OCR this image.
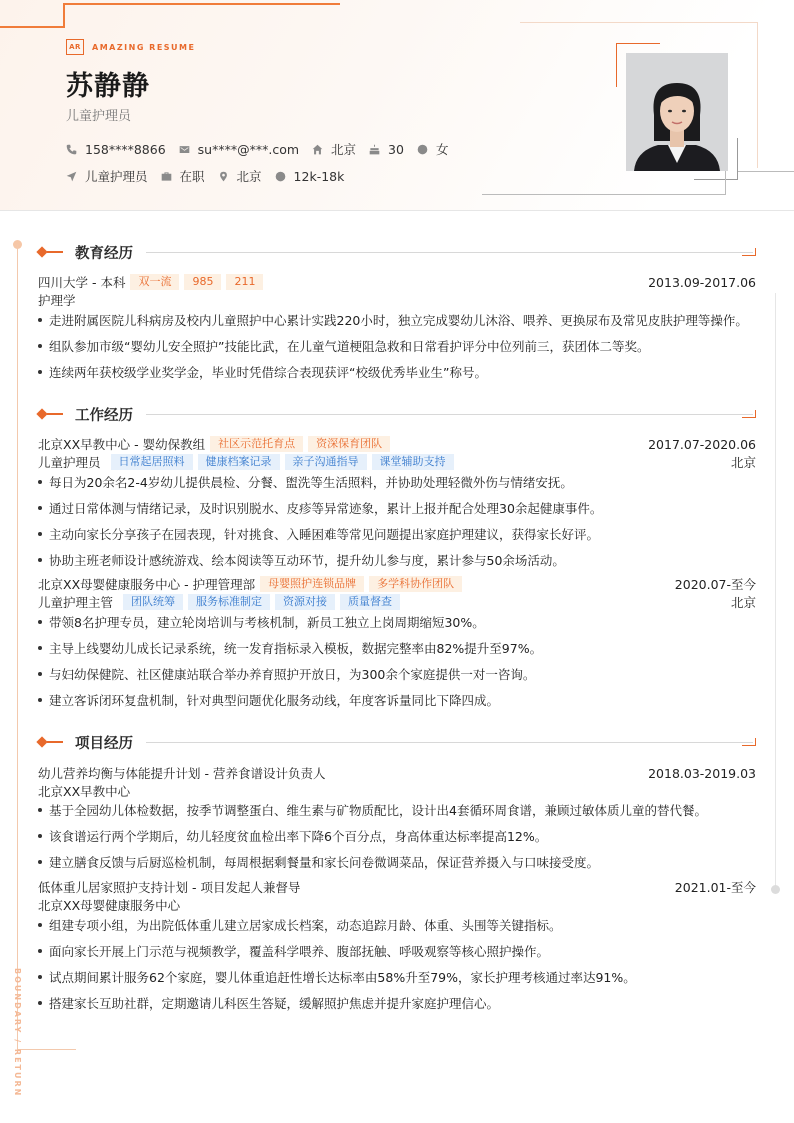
AR	AMAZING RESUME
苏静静
儿童护理员
158****8866	su****@***.com	北京	30	女
儿童护理员	在职	北京	12k-18k
BOUNDARY / RETURN
教育经历
四川大学 - 本科	双一流	985	211	2013.09-2017.06
护理学
走进附属医院儿科病房及校内儿童照护中心累计实践220小时，独立完成婴幼儿沐浴、喂养、更换尿布及常见皮肤护理等操作。
组队参加市级“婴幼儿安全照护”技能比武，在儿童气道梗阻急救和日常看护评分中位列前三，获团体二等奖。
连续两年获校级学业奖学金，毕业时凭借综合表现获评“校级优秀毕业生”称号。
工作经历
北京XX早教中心 - 婴幼保教组	社区示范托育点	资深保育团队	2017.07-2020.06
儿童护理员	日常起居照料	健康档案记录	亲子沟通指导	课堂辅助支持	北京
每日为20余名2-4岁幼儿提供晨检、分餐、盥洗等生活照料，并协助处理轻微外伤与情绪安抚。
通过日常体测与情绪记录，及时识别脱水、皮疹等异常迹象，累计上报并配合处理30余起健康事件。
主动向家长分享孩子在园表现，针对挑食、入睡困难等常见问题提出家庭护理建议，获得家长好评。
协助主班老师设计感统游戏、绘本阅读等互动环节，提升幼儿参与度，累计参与50余场活动。
北京XX母婴健康服务中心 - 护理管理部	母婴照护连锁品牌	多学科协作团队	2020.07-至今
儿童护理主管	团队统筹	服务标准制定	资源对接	质量督查	北京
带领8名护理专员，建立轮岗培训与考核机制，新员工独立上岗周期缩短30%。
主导上线婴幼儿成长记录系统，统一发育指标录入模板，数据完整率由82%提升至97%。
与妇幼保健院、社区健康站联合举办养育照护开放日，为300余个家庭提供一对一咨询。
建立客诉闭环复盘机制，针对典型问题优化服务动线，年度客诉量同比下降四成。
项目经历
幼儿营养均衡与体能提升计划 - 营养食谱设计负责人	2018.03-2019.03
北京XX早教中心
基于全园幼儿体检数据，按季节调整蛋白、维生素与矿物质配比，设计出4套循环周食谱，兼顾过敏体质儿童的替代餐。
该食谱运行两个学期后，幼儿轻度贫血检出率下降6个百分点，身高体重达标率提高12%。
建立膳食反馈与后厨巡检机制，每周根据剩餐量和家长问卷微调菜品，保证营养摄入与口味接受度。
低体重儿居家照护支持计划 - 项目发起人兼督导	2021.01-至今
北京XX母婴健康服务中心
组建专项小组，为出院低体重儿建立居家成长档案，动态追踪月龄、体重、头围等关键指标。
面向家长开展上门示范与视频教学，覆盖科学喂养、腹部抚触、呼吸观察等核心照护操作。
试点期间累计服务62个家庭，婴儿体重追赶性增长达标率由58%升至79%，家长护理考核通过率达91%。
搭建家长互助社群，定期邀请儿科医生答疑，缓解照护焦虑并提升家庭护理信心。
